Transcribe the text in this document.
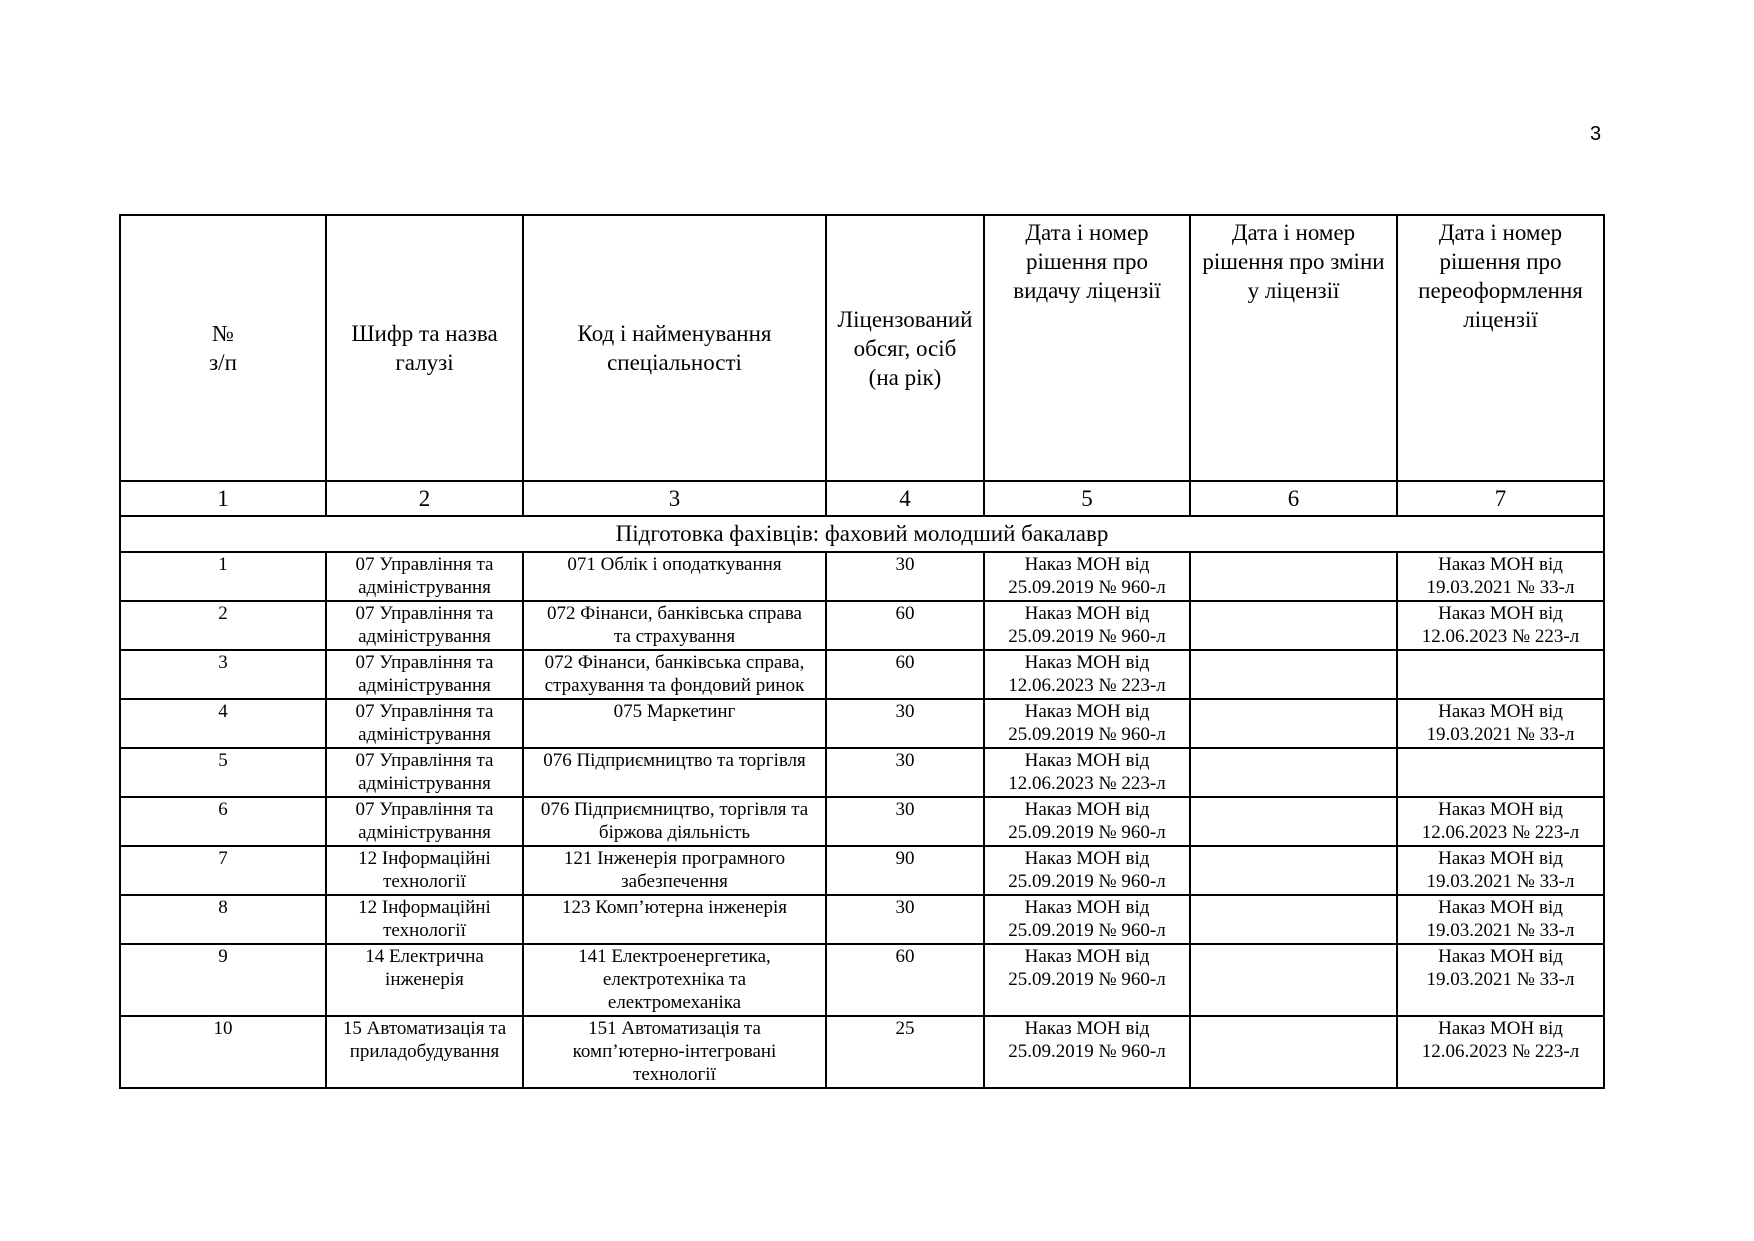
3
№
з/п	Шифр та назва
галузі	Код і найменування
спеціальності	Ліцензований
обсяг, осіб
(на рік)	Дата і номер
рішення про
видачу ліцензії	Дата і номер
рішення про зміни
у ліцензії	Дата і номер
рішення про
переоформлення
ліцензії
1	2	3	4	5	6	7
Підготовка фахівців: фаховий молодший бакалавр						
1	07 Управління та
адміністрування	071 Облік і оподаткування	30	Наказ МОН від
25.09.2019 № 960-л		Наказ МОН від
19.03.2021 № 33-л
2	07 Управління та
адміністрування	072 Фінанси, банківська справа
та страхування	60	Наказ МОН від
25.09.2019 № 960-л		Наказ МОН від
12.06.2023 № 223-л
3	07 Управління та
адміністрування	072 Фінанси, банківська справа,
страхування та фондовий ринок	60	Наказ МОН від
12.06.2023 № 223-л		
4	07 Управління та
адміністрування	075 Маркетинг	30	Наказ МОН від
25.09.2019 № 960-л		Наказ МОН від
19.03.2021 № 33-л
5	07 Управління та
адміністрування	076 Підприємництво та торгівля	30	Наказ МОН від
12.06.2023 № 223-л		
6	07 Управління та
адміністрування	076 Підприємництво, торгівля та
біржова діяльність	30	Наказ МОН від
25.09.2019 № 960-л		Наказ МОН від
12.06.2023 № 223-л
7	12 Інформаційні
технології	121 Інженерія програмного
забезпечення	90	Наказ МОН від
25.09.2019 № 960-л		Наказ МОН від
19.03.2021 № 33-л
8	12 Інформаційні
технології	123 Комп’ютерна інженерія	30	Наказ МОН від
25.09.2019 № 960-л		Наказ МОН від
19.03.2021 № 33-л
9	14 Електрична
інженерія	141 Електроенергетика,
електротехніка та
електромеханіка	60	Наказ МОН від
25.09.2019 № 960-л		Наказ МОН від
19.03.2021 № 33-л
10	15 Автоматизація та
приладобудування	151 Автоматизація та
комп’ютерно-інтегровані
технології	25	Наказ МОН від
25.09.2019 № 960-л		Наказ МОН від
12.06.2023 № 223-л
